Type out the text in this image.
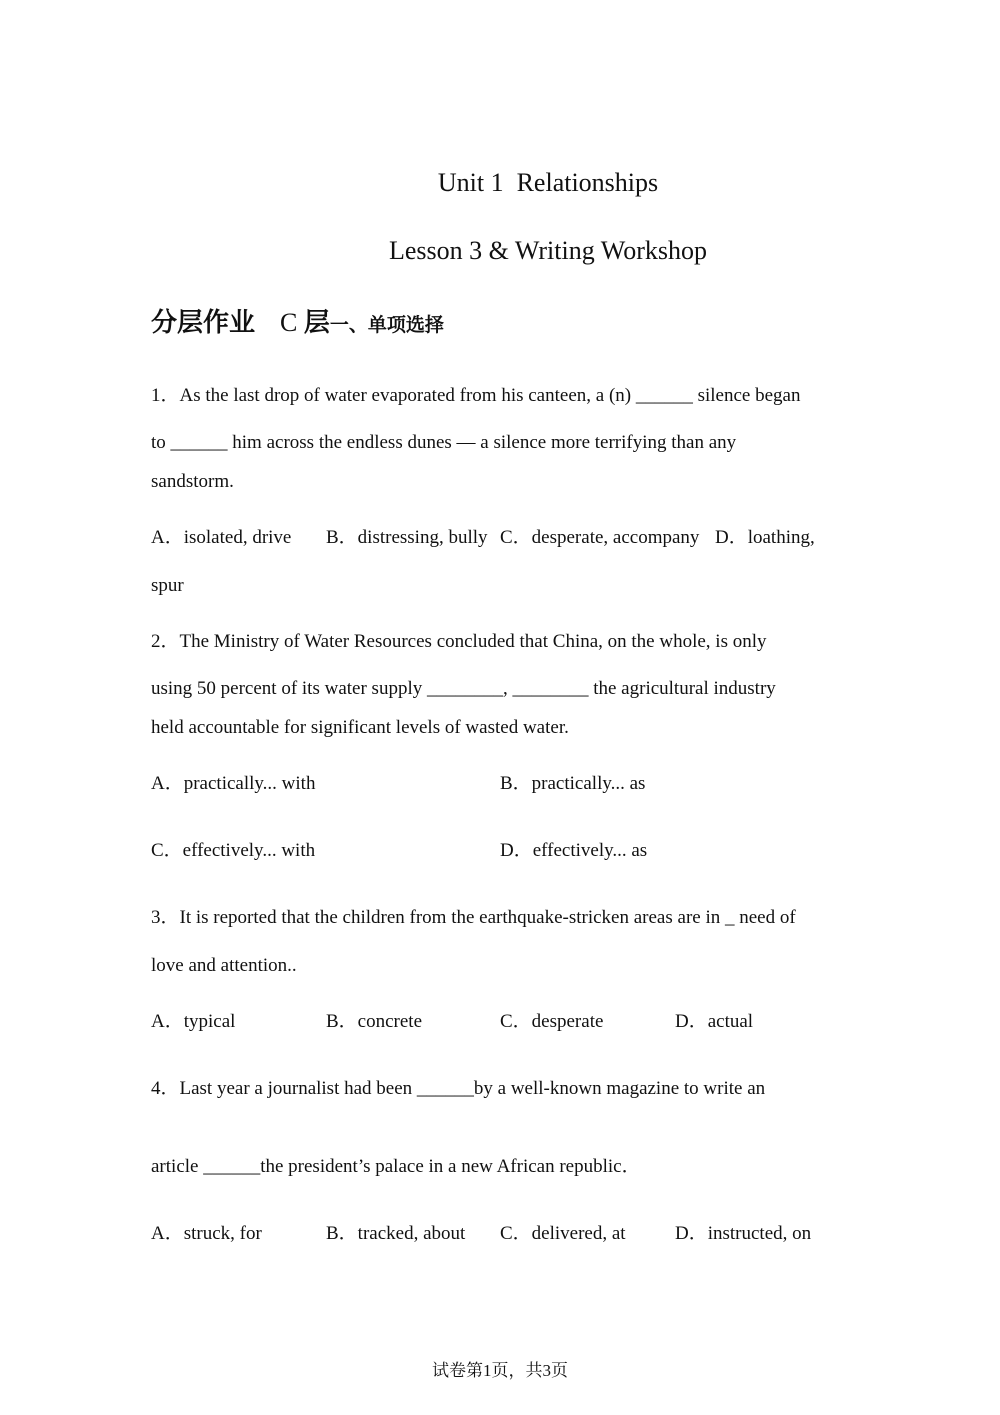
Unit 1  Relationships
Lesson 3 & Writing Workshop
分层作业 C 层一、单项选择
1．As the last drop of water evaporated from his canteen, a (n) ______ silence began
to ______ him across the endless dunes — a silence more terrifying than any
sandstorm.
A．isolated, drive B．distressing, bully C．desperate, accompany D．loathing,
spur
2．The Ministry of Water Resources concluded that China, on the whole, is only
using 50 percent of its water supply ________, ________ the agricultural industry
held accountable for significant levels of wasted water.
A．practically... with	B．practically... as
C．effectively... with	D．effectively... as
3．It is reported that the children from the earthquake-stricken areas are in _ need of
love and attention..
A．typical	B．concrete	C．desperate	D．actual
4．Last year a journalist had been ______by a well-known magazine to write an
article ______the president’s palace in a new African republic．
A．struck, for	B．tracked, about C．delivered, at	D．instructed, on
试卷第1页，共3页
